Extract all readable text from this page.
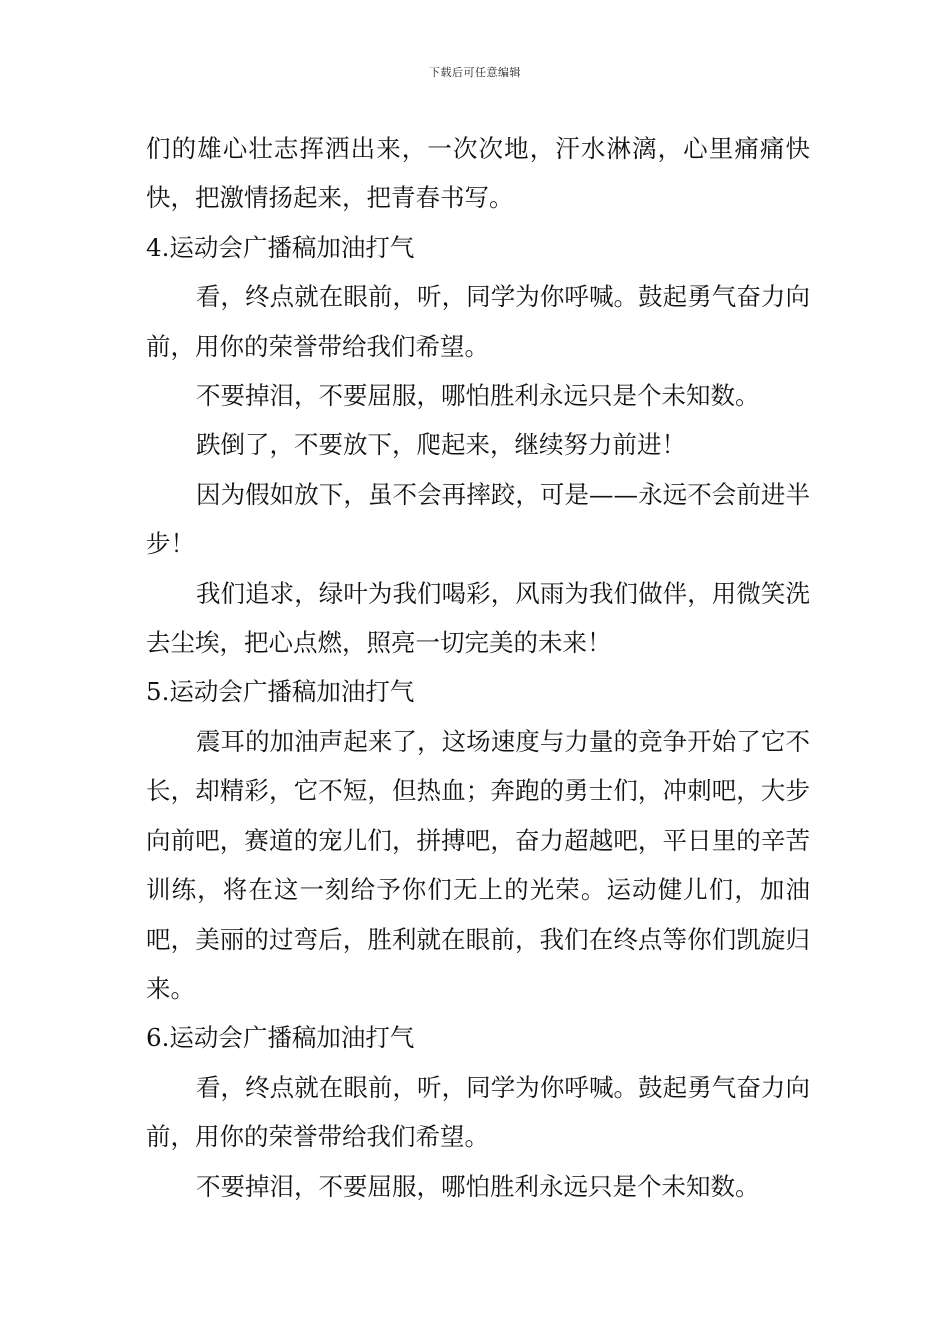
下载后可任意编辑

们的雄心壮志挥洒出来，一次次地，汗水淋漓，心里痛痛快快，把激情扬起来，把青春书写。

4.运动会广播稿加油打气

看，终点就在眼前，听，同学为你呼喊。鼓起勇气奋力向前，用你的荣誉带给我们希望。

不要掉泪，不要屈服，哪怕胜利永远只是个未知数。

跌倒了，不要放下，爬起来，继续努力前进！

因为假如放下，虽不会再摔跤，可是——永远不会前进半步！

我们追求，绿叶为我们喝彩，风雨为我们做伴，用微笑洗去尘埃，把心点燃，照亮一切完美的未来！

5.运动会广播稿加油打气

震耳的加油声起来了，这场速度与力量的竞争开始了它不长，却精彩，它不短，但热血；奔跑的勇士们，冲刺吧，大步向前吧，赛道的宠儿们，拼搏吧，奋力超越吧，平日里的辛苦训练，将在这一刻给予你们无上的光荣。运动健儿们，加油吧，美丽的过弯后，胜利就在眼前，我们在终点等你们凯旋归来。

6.运动会广播稿加油打气

看，终点就在眼前，听，同学为你呼喊。鼓起勇气奋力向前，用你的荣誉带给我们希望。

不要掉泪，不要屈服，哪怕胜利永远只是个未知数。
